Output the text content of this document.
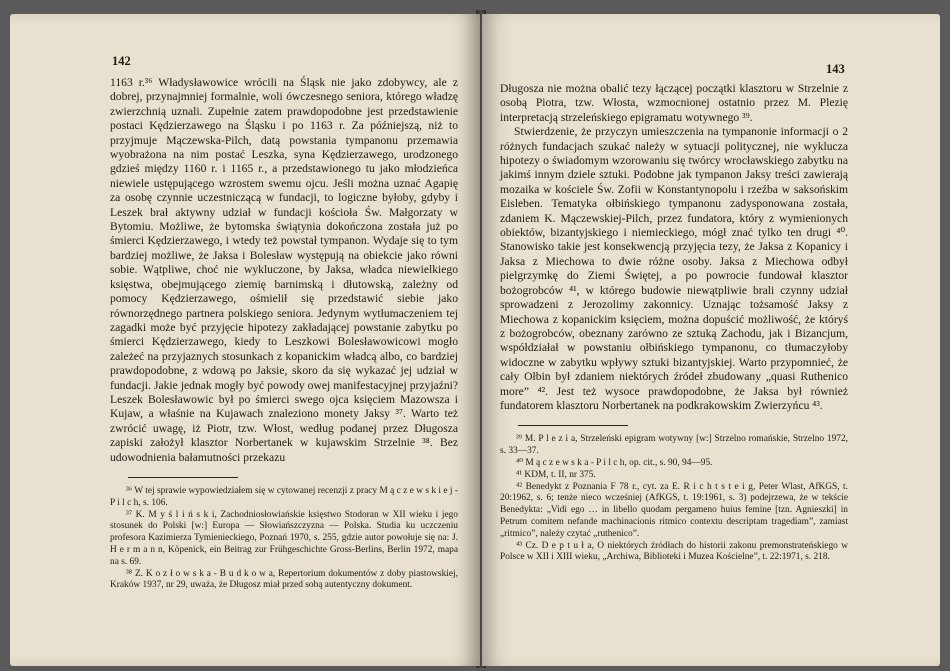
142

1163 r.³⁶ Władysławowice wrócili na Śląsk nie jako zdobywcy, ale z dobrej, przynajmniej formalnie, woli ówczesnego seniora, którego władzę zwierzchnią uznali. Zupełnie zatem prawdopodobne jest przedstawienie postaci Kędzierzawego na Śląsku i po 1163 r. Za późniejszą, niż to przyjmuje Mączewska-Pilch, datą powstania tympanonu przemawia wyobrażona na nim postać Leszka, syna Kędzierzawego, urodzonego gdzieś między 1160 r. i 1165 r., a przedstawionego tu jako młodzieńca niewiele ustępującego wzrostem swemu ojcu. Jeśli można uznać Agapię za osobę czynnie uczestniczącą w fundacji, to logiczne byłoby, gdyby i Leszek brał aktywny udział w fundacji kościoła Św. Małgorzaty w Bytomiu. Możliwe, że bytomska świątynia dokończona została już po śmierci Kędzierzawego, i wtedy też powstał tympanon. Wydaje się to tym bardziej możliwe, że Jaksa i Bolesław występują na obiekcie jako równi sobie. Wątpliwe, choć nie wykluczone, by Jaksa, władca niewielkiego księstwa, obejmującego ziemię barnimską i dłutowską, zależny od pomocy Kędzierzawego, ośmielił się przedstawić siebie jako równorzędnego partnera polskiego seniora. Jedynym wytłumaczeniem tej zagadki może być przyjęcie hipotezy zakładającej powstanie zabytku po śmierci Kędzierzawego, kiedy to Leszkowi Bolesławowicowi mogło zależeć na przyjaznych stosunkach z kopanickim władcą albo, co bardziej prawdopodobne, z wdową po Jaksie, skoro da się wykazać jej udział w fundacji. Jakie jednak mogły być powody owej manifestacyjnej przyjaźni? Leszek Bolesławowic był po śmierci swego ojca księciem Mazowsza i Kujaw, a właśnie na Kujawach znaleziono monety Jaksy ³⁷. Warto też zwrócić uwagę, iż Piotr, tzw. Włost, według podanej przez Długosza zapiski założył klasztor Norbertanek w kujawskim Strzelnie ³⁸. Bez udowodnienia bałamutności przekazu

³⁶ W tej sprawie wypowiedziałem się w cytowanej recenzji z pracy M ą c z e w s k i e j - P i l c h, s. 106.

³⁷ K. M y ś l i ń s k i, Zachodniosłowiańskie księstwo Stodoran w XII wieku i jego stosunek do Polski [w:] Europa — Słowiańszczyzna — Polska. Studia ku uczczeniu profesora Kazimierza Tymienieckiego, Poznań 1970, s. 255, gdzie autor powołuje się na: J. H e r m a n n, Köpenick, ein Beitrag zur Frühgeschichte Gross-Berlins, Berlin 1972, mapa na s. 69.

³⁸ Z. K o z ł o w s k a - B u d k o w a, Repertorium dokumentów z doby piastowskiej, Kraków 1937, nr 29, uważa, że Długosz miał przed sobą autentyczny dokument.

143

Długosza nie można obalić tezy łączącej początki klasztoru w Strzelnie z osobą Piotra, tzw. Włosta, wzmocnionej ostatnio przez M. Plezię interpretacją strzeleńskiego epigramatu wotywnego ³⁹.

Stwierdzenie, że przyczyn umieszczenia na tympanonie informacji o 2 różnych fundacjach szukać należy w sytuacji politycznej, nie wyklucza hipotezy o świadomym wzorowaniu się twórcy wrocławskiego zabytku na jakimś innym dziele sztuki. Podobne jak tympanon Jaksy treści zawierają mozaika w kościele Św. Zofii w Konstantynopolu i rzeźba w saksońskim Eisleben. Tematyka ołbińskiego tympanonu zadysponowana została, zdaniem K. Mączewskiej-Pilch, przez fundatora, który z wymienionych obiektów, bizantyjskiego i niemieckiego, mógł znać tylko ten drugi ⁴⁰. Stanowisko takie jest konsekwencją przyjęcia tezy, że Jaksa z Kopanicy i Jaksa z Miechowa to dwie różne osoby. Jaksa z Miechowa odbył pielgrzymkę do Ziemi Świętej, a po powrocie fundował klasztor bożogrobców ⁴¹, w którego budowie niewątpliwie brali czynny udział sprowadzeni z Jerozolimy zakonnicy. Uznając tożsamość Jaksy z Miechowa z kopanickim księciem, można dopuścić możliwość, że któryś z bożogrobców, obeznany zarówno ze sztuką Zachodu, jak i Bizancjum, współdziałał w powstaniu ołbińskiego tympanonu, co tłumaczyłoby widoczne w zabytku wpływy sztuki bizantyjskiej. Warto przypomnieć, że cały Ołbin był zdaniem niektórych źródeł zbudowany „quasi Ruthenico more” ⁴². Jest też wysoce prawdopodobne, że Jaksa był również fundatorem klasztoru Norbertanek na podkrakowskim Zwierzyńcu ⁴³.

³⁹ M. P l e z i a, Strzeleński epigram wotywny [w:] Strzelno romańskie, Strzelno 1972, s. 33—37.

⁴⁰ M ą c z e w s k a - P i l c h, op. cit., s. 90, 94—95.

⁴¹ KDM, t. II, nr 375.

⁴² Benedykt z Poznania F 78 r., cyt. za E. R i c h t s t e i g, Peter Wlast, AfKGS, t. 20:1962, s. 6; tenże nieco wcześniej (AfKGS, t. 19:1961, s. 3) podejrzewa, że w tekście Benedykta: „Vidi ego … in libello quodam pergameno huius femine [tzn. Agnieszki] in Petrum comitem nefande machinacionis ritmico contextu descriptam tragediam”, zamiast „ritmico”, należy czytać „ruthenico”.

⁴³ Cz. D e p t u ł a, O niektórych źródłach do historii zakonu premonstrateńskiego w Polsce w XII i XIII wieku, „Archiwa, Biblioteki i Muzea Kościelne”, t. 22:1971, s. 218.
